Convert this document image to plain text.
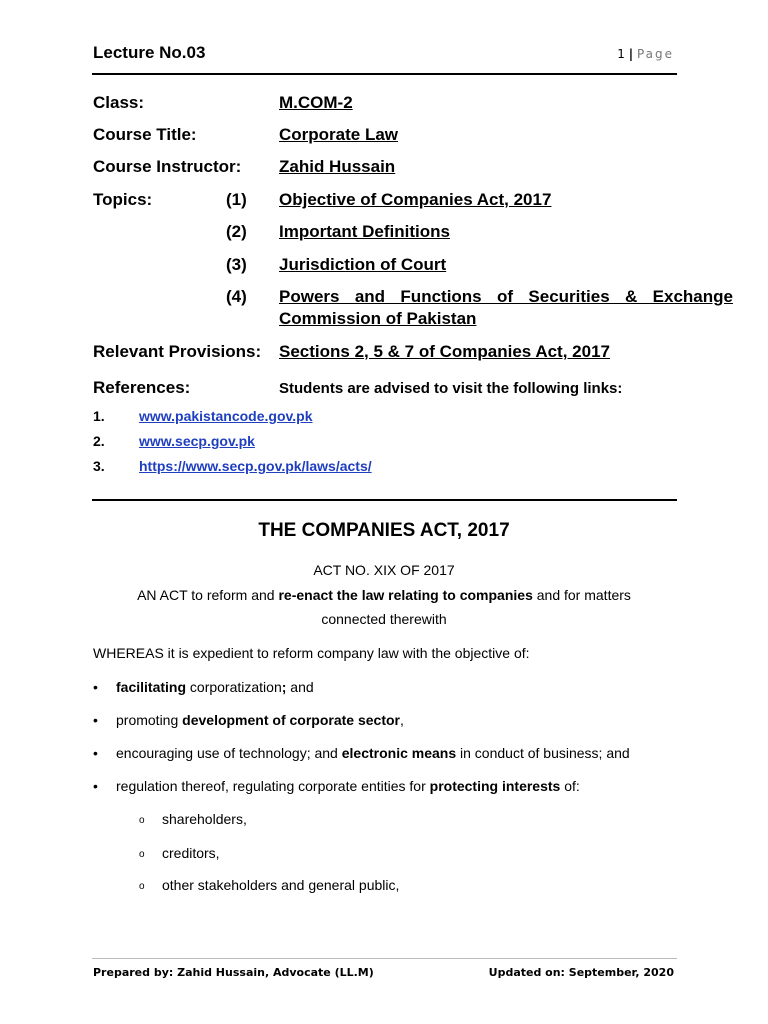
Lecture No.03	1 | Page
Class:	M.COM-2
Course Title:	Corporate Law
Course Instructor: Zahid Hussain
Topics:	(1) Objective of Companies Act, 2017
(2) Important Definitions
(3) Jurisdiction of Court
(4) Powers and Functions of Securities & Exchange
Commission of Pakistan
Relevant Provisions: Sections 2, 5 & 7 of Companies Act, 2017
References:	Students are advised to visit the following links:
1. www.pakistancode.gov.pk
2. www.secp.gov.pk
3. https://www.secp.gov.pk/laws/acts/
THE COMPANIES ACT, 2017
ACT NO. XIX OF 2017
AN ACT to reform and re-enact the law relating to companies and for matters
connected therewith
WHEREAS it is expedient to reform company law with the objective of:
• facilitating corporatization; and
• promoting development of corporate sector,
• encouraging use of technology; and electronic means in conduct of business; and
• regulation thereof, regulating corporate entities for protecting interests of:
o shareholders,
o creditors,
o other stakeholders and general public,
Prepared by: Zahid Hussain, Advocate (LL.M)	Updated on: September, 2020
